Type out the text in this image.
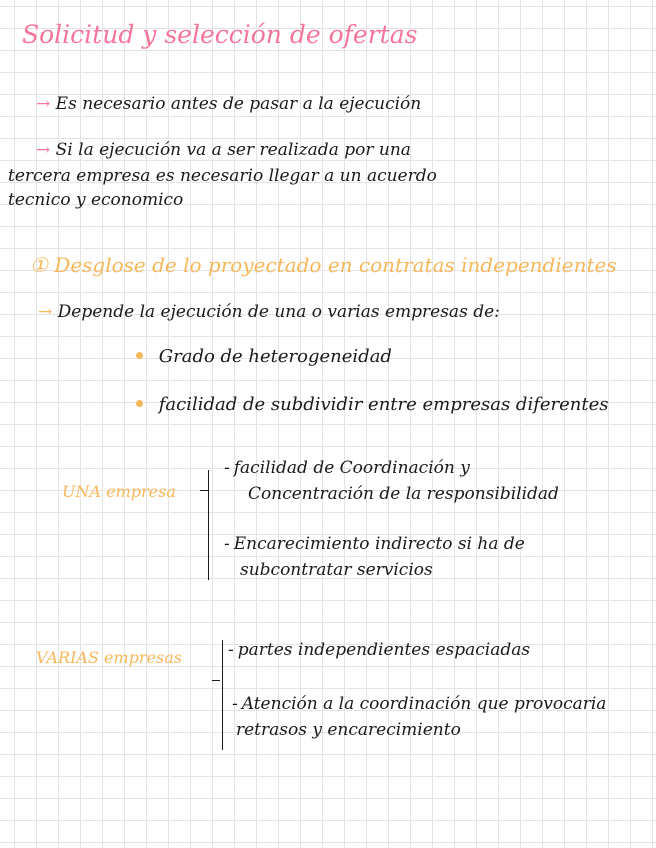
Solicitud y selección de ofertas
→ Es necesario antes de pasar a la ejecución
→ Si la ejecución va a ser realizada por una
tercera empresa es necesario llegar a un acuerdo
tecnico y economico
① Desglose de lo proyectado en contratas independientes
→ Depende la ejecución de una o varias empresas de:
Grado de heterogeneidad
facilidad de subdividir entre empresas diferentes
UNA empresa
- facilidad de Coordinación y
Concentración de la responsibilidad
- Encarecimiento indirecto si ha de
subcontratar servicios
VARIAS empresas	- partes independientes espaciadas
- Atención a la coordinación que provocaria
retrasos y encarecimiento
